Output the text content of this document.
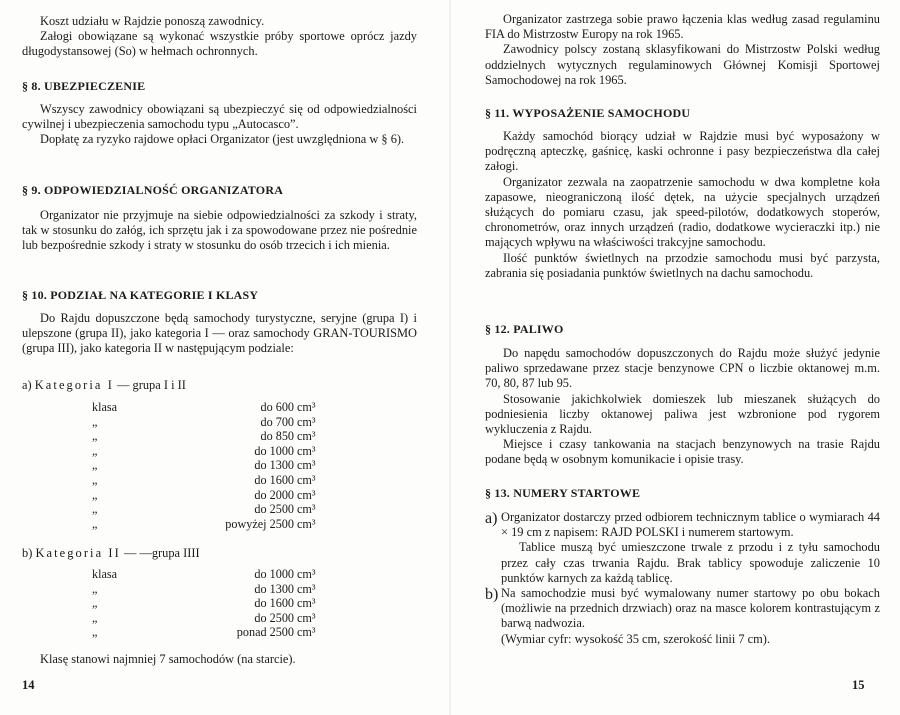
Koszt udziału w Rajdzie ponoszą zawodnicy.

Załogi obowiązane są wykonać wszystkie próby sportowe oprócz jazdy długodystansowej (So) w hełmach ochronnych.

§ 8. UBEZPIECZENIE

Wszyscy zawodnicy obowiązani są ubezpieczyć się od odpowiedzialności cywilnej i ubezpieczenia samochodu typu „Autocasco”.

Dopłatę za ryzyko rajdowe opłaci Organizator (jest uwzględniona w § 6).

§ 9. ODPOWIEDZIALNOŚĆ ORGANIZATORA

Organizator nie przyjmuje na siebie odpowiedzialności za szkody i straty, tak w stosunku do załóg, ich sprzętu jak i za spowodowane przez nie pośrednie lub bezpośrednie szkody i straty w stosunku do osób trzecich i ich mienia.

§ 10. PODZIAŁ NA KATEGORIE I KLASY

Do Rajdu dopuszczone będą samochody turystyczne, seryjne (grupa I) i ulepszone (grupa II), jako kategoria I — oraz samochody GRAN-TOURISMO (grupa III), jako kategoria II w następującym podziale:

a) Kategoria I — grupa I i II
klasa	do 600 cm³
„	do 700 cm³
„	do 850 cm³
„	do 1000 cm³
„	do 1300 cm³
„	do 1600 cm³
„	do 2000 cm³
„	do 2500 cm³
„	powyżej 2500 cm³
b) Kategoria II — —grupa IIII
klasa	do 1000 cm³
„	do 1300 cm³
„	do 1600 cm³
„	do 2500 cm³
„	ponad 2500 cm³

Klasę stanowi najmniej 7 samochodów (na starcie).

14

Organizator zastrzega sobie prawo łączenia klas według zasad regulaminu FIA do Mistrzostw Europy na rok 1965.

Zawodnicy polscy zostaną sklasyfikowani do Mistrzostw Polski według oddzielnych wytycznych regulaminowych Głównej Komisji Sportowej Samochodowej na rok 1965.

§ 11. WYPOSAŻENIE SAMOCHODU

Każdy samochód biorący udział w Rajdzie musi być wyposażony w podręczną apteczkę, gaśnicę, kaski ochronne i pasy bezpieczeństwa dla całej załogi.

Organizator zezwala na zaopatrzenie samochodu w dwa kompletne koła zapasowe, nieograniczoną ilość dętek, na użycie specjalnych urządzeń służących do pomiaru czasu, jak speed-pilotów, dodatkowych stoperów, chronometrów, oraz innych urządzeń (radio, dodatkowe wycieraczki itp.) nie mających wpływu na właściwości trakcyjne samochodu.

Ilość punktów świetlnych na przodzie samochodu musi być parzysta, zabrania się posiadania punktów świetlnych na dachu samochodu.

§ 12. PALIWO

Do napędu samochodów dopuszczonych do Rajdu może służyć jedynie paliwo sprzedawane przez stacje benzynowe CPN o liczbie oktanowej m.m. 70, 80, 87 lub 95.

Stosowanie jakichkolwiek domieszek lub mieszanek służących do podniesienia liczby oktanowej paliwa jest wzbronione pod rygorem wykluczenia z Rajdu.

Miejsce i czasy tankowania na stacjach benzynowych na trasie Rajdu podane będą w osobnym komunikacie i opisie trasy.

§ 13. NUMERY STARTOWE
a) Organizator dostarczy przed odbiorem technicznym tablice o wymiarach 44 × 19 cm z napisem: RAJD POLSKI i numerem startowym.

Tablice muszą być umieszczone trwale z przodu i z tyłu samochodu przez cały czas trwania Rajdu. Brak tablicy spowoduje zaliczenie 10 punktów karnych za każdą tablicę.

b) Na samochodzie musi być wymalowany numer startowy po obu bokach (możliwie na przednich drzwiach) oraz na masce kolorem kontrastującym z barwą nadwozia.

(Wymiar cyfr: wysokość 35 cm, szerokość linii 7 cm).

15
